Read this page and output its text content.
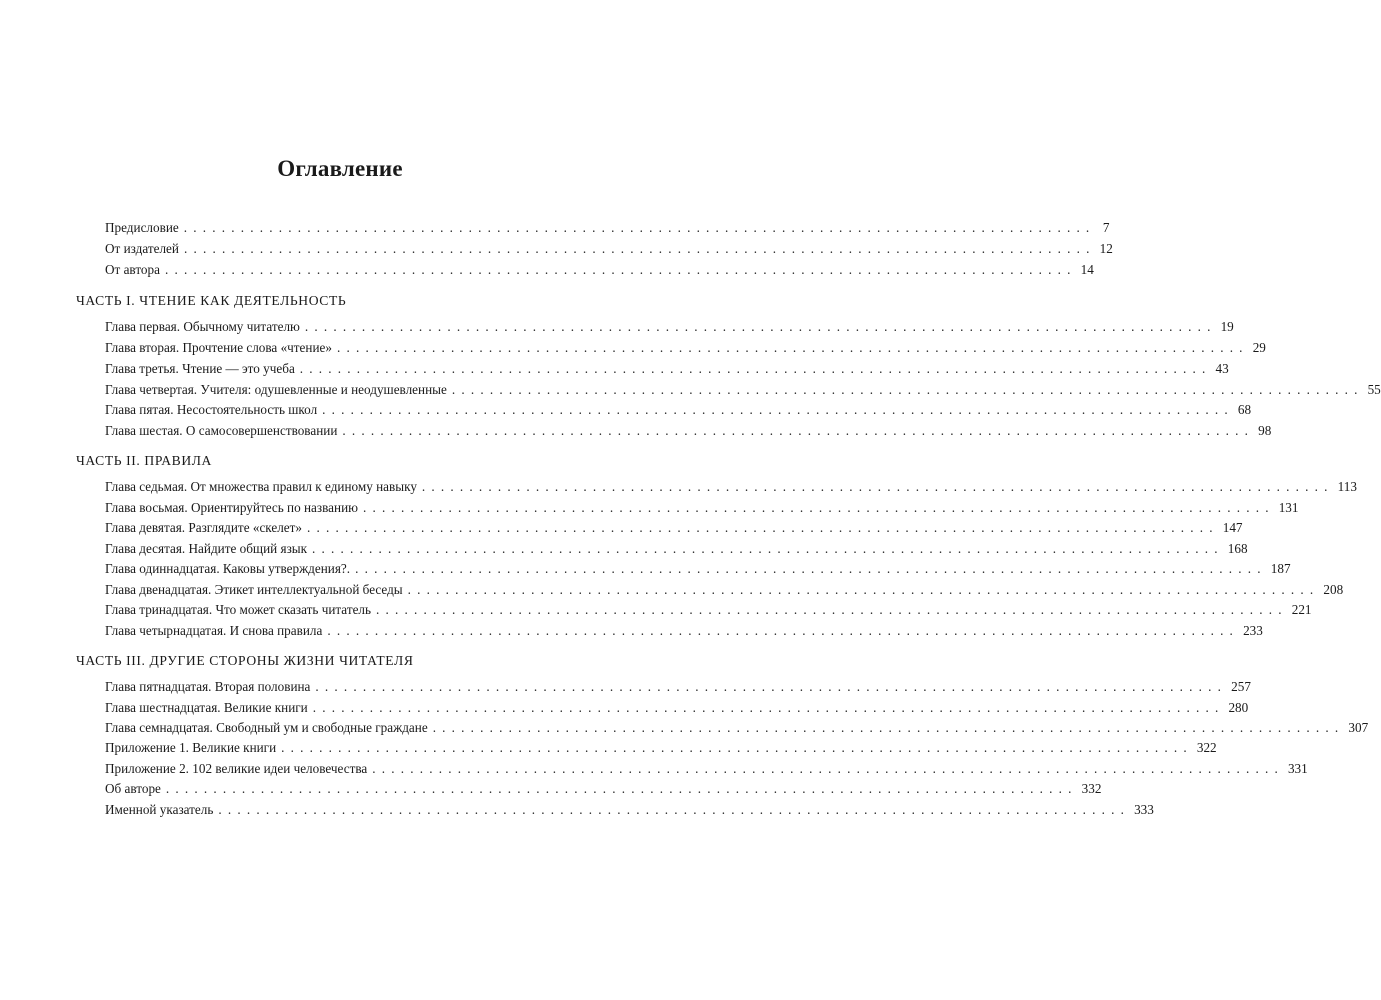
Оглавление
Предисловие ................................................................................................ 7
От издателей ................................................................................................ 12
От автора ................................................................................................ 14
ЧАСТЬ I. ЧТЕНИЕ КАК ДЕЯТЕЛЬНОСТЬ
Глава первая. Обычному читателю ................................................................................................ 19
Глава вторая. Прочтение слова «чтение» ................................................................................................ 29
Глава третья. Чтение — это учеба ................................................................................................ 43
Глава четвертая. Учителя: одушевленные и неодушевленные ................................................................................................ 55
Глава пятая. Несостоятельность школ ................................................................................................ 68
Глава шестая. О самосовершенствовании ................................................................................................ 98
ЧАСТЬ II. ПРАВИЛА
Глава седьмая. От множества правил к единому навыку ................................................................................................ 113
Глава восьмая. Ориентируйтесь по названию ................................................................................................ 131
Глава девятая. Разглядите «скелет» ................................................................................................ 147
Глава десятая. Найдите общий язык ................................................................................................ 168
Глава одиннадцатая. Каковы утверждения?. ................................................................................................ 187
Глава двенадцатая. Этикет интеллектуальной беседы ................................................................................................ 208
Глава тринадцатая. Что может сказать читатель ................................................................................................ 221
Глава четырнадцатая. И снова правила ................................................................................................ 233
ЧАСТЬ III. ДРУГИЕ СТОРОНЫ ЖИЗНИ ЧИТАТЕЛЯ
Глава пятнадцатая. Вторая половина ................................................................................................ 257
Глава шестнадцатая. Великие книги ................................................................................................ 280
Глава семнадцатая. Свободный ум и свободные граждане ................................................................................................ 307
Приложение 1. Великие книги ................................................................................................ 322
Приложение 2. 102 великие идеи человечества ................................................................................................ 331
Об авторе ................................................................................................ 332
Именной указатель ................................................................................................ 333
